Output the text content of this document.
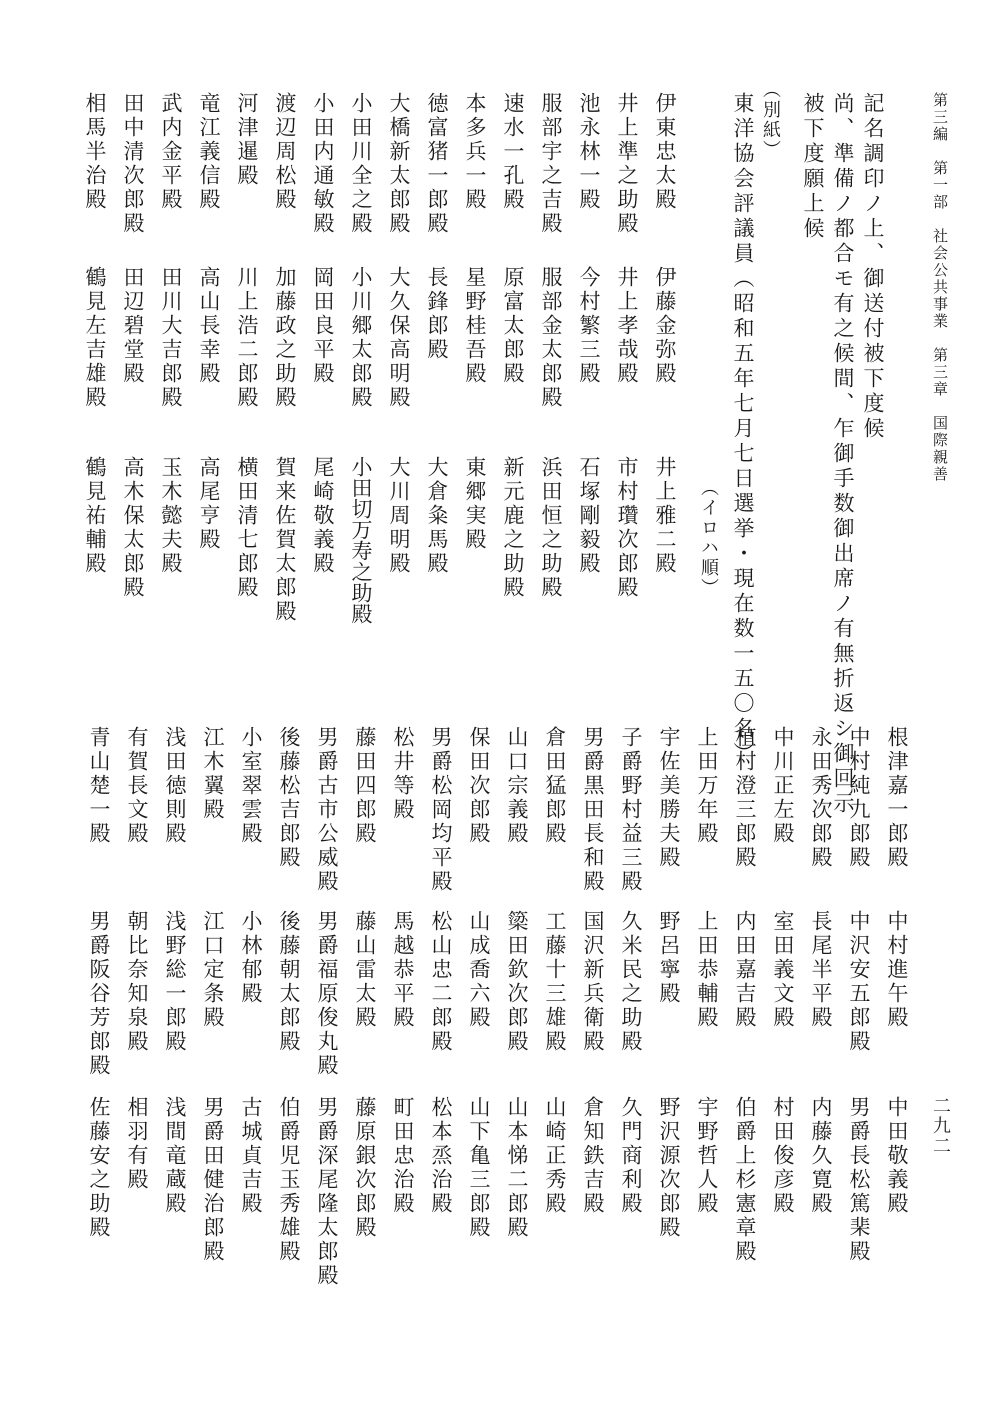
第三編　第一部　社会公共事業　第三章　国際親善
二九二
記名調印ノ上、御送付被下度候
尚、準備ノ都合モ有之候間、乍御手数御出席ノ有無折返シ御回示
被下度願上候
（別紙）
東洋協会評議員（昭和五年七月七日選挙・現在数一五〇名）
（イロハ順）
伊東忠太殿
伊藤金弥殿
井上雅二殿
井上準之助殿
井上孝哉殿
市村瓚次郎殿
池永林一殿
今村繁三殿
石塚剛毅殿
服部宇之吉殿
服部金太郎殿
浜田恒之助殿
速水一孔殿
原富太郎殿
新元鹿之助殿
本多兵一殿
星野桂吾殿
東郷実殿
徳富猪一郎殿
長鋒郎殿
大倉粂馬殿
大橋新太郎殿
大久保高明殿
大川周明殿
小田川全之殿
小川郷太郎殿
小田切万寿之助殿
小田内通敏殿
岡田良平殿
尾崎敬義殿
渡辺周松殿
加藤政之助殿
賀来佐賀太郎殿
河津暹殿
川上浩二郎殿
横田清七郎殿
竜江義信殿
高山長幸殿
高尾亨殿
武内金平殿
田川大吉郎殿
玉木懿夫殿
田中清次郎殿
田辺碧堂殿
高木保太郎殿
相馬半治殿
鶴見左吉雄殿
鶴見祐輔殿
根津嘉一郎殿
中村進午殿
中田敬義殿
中村純九郎殿
中沢安五郎殿
男爵長松篤棐殿
永田秀次郎殿
長尾半平殿
内藤久寛殿
中川正左殿
室田義文殿
村田俊彦殿
植村澄三郎殿
内田嘉吉殿
伯爵上杉憲章殿
上田万年殿
上田恭輔殿
宇野哲人殿
宇佐美勝夫殿
野呂寧殿
野沢源次郎殿
子爵野村益三殿
久米民之助殿
久門商利殿
男爵黒田長和殿
国沢新兵衛殿
倉知鉄吉殿
倉田猛郎殿
工藤十三雄殿
山崎正秀殿
山口宗義殿
簗田欽次郎殿
山本悌二郎殿
保田次郎殿
山成喬六殿
山下亀三郎殿
男爵松岡均平殿
松山忠二郎殿
松本烝治殿
松井等殿
馬越恭平殿
町田忠治殿
藤田四郎殿
藤山雷太殿
藤原銀次郎殿
男爵古市公威殿
男爵福原俊丸殿
男爵深尾隆太郎殿
後藤松吉郎殿
後藤朝太郎殿
伯爵児玉秀雄殿
小室翠雲殿
小林郁殿
古城貞吉殿
江木翼殿
江口定条殿
男爵田健治郎殿
浅田徳則殿
浅野総一郎殿
浅間竜蔵殿
有賀長文殿
朝比奈知泉殿
相羽有殿
青山楚一殿
男爵阪谷芳郎殿
佐藤安之助殿
